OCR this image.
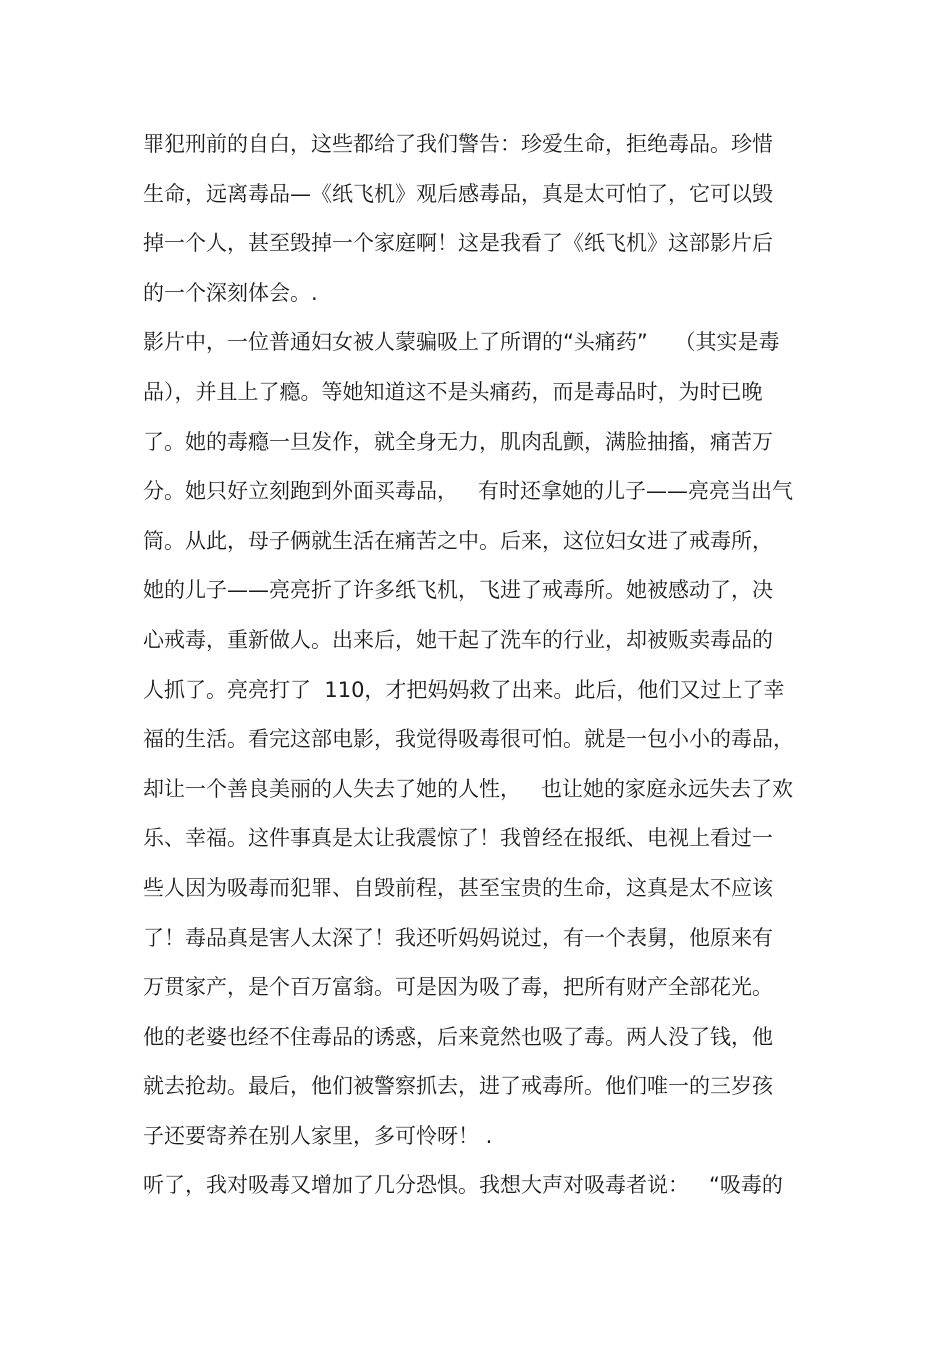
罪犯刑前的自白，这些都给了我们警告：珍爱生命，拒绝毒品。珍惜
生命，远离毒品—《纸飞机》观后感毒品，真是太可怕了，它可以毁
掉一个人，甚至毁掉一个家庭啊！这是我看了《纸飞机》这部影片后
的一个深刻体会。.
影片中，一位普通妇女被人蒙骗吸上了所谓的“头痛药”    （其实是毒
品），并且上了瘾。等她知道这不是头痛药，而是毒品时，为时已晚
了。她的毒瘾一旦发作，就全身无力，肌肉乱颤，满脸抽搐，痛苦万
分。她只好立刻跑到外面买毒品，   有时还拿她的儿子——亮亮当出气
筒。从此，母子俩就生活在痛苦之中。后来，这位妇女进了戒毒所，
她的儿子——亮亮折了许多纸飞机，飞进了戒毒所。她被感动了，决
心戒毒，重新做人。出来后，她干起了洗车的行业，却被贩卖毒品的
人抓了。亮亮打了  110，才把妈妈救了出来。此后，他们又过上了幸
福的生活。看完这部电影，我觉得吸毒很可怕。就是一包小小的毒品，
却让一个善良美丽的人失去了她的人性，   也让她的家庭永远失去了欢
乐、幸福。这件事真是太让我震惊了！我曾经在报纸、电视上看过一
些人因为吸毒而犯罪、自毁前程，甚至宝贵的生命，这真是太不应该
了！毒品真是害人太深了！我还听妈妈说过，有一个表舅，他原来有
万贯家产，是个百万富翁。可是因为吸了毒，把所有财产全部花光。
他的老婆也经不住毒品的诱惑，后来竟然也吸了毒。两人没了钱，他
就去抢劫。最后，他们被警察抓去，进了戒毒所。他们唯一的三岁孩
子还要寄养在别人家里，多可怜呀！ .
听了，我对吸毒又增加了几分恐惧。我想大声对吸毒者说：   “吸毒的
